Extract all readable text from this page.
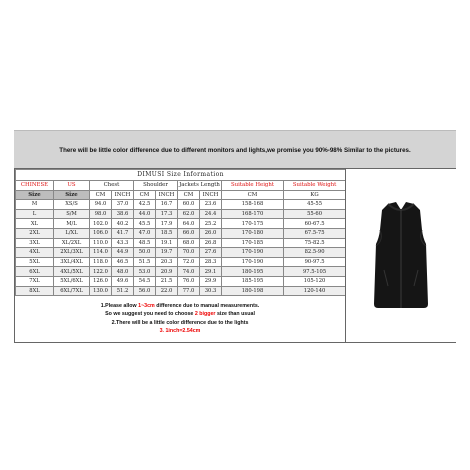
There will be little color difference due to different monitors and lights,we promise you 90%-98% Similar to the pictures.
DIMUSI Size Information									
CHINESE	US	Chest		Shoulder		Jackets Length		Suitable Height	Suitable Weight
Size	Size	CM	INCH	CM	INCH	CM	INCH	CM	KG
M	XS/S	94.0	37.0	42.5	16.7	60.0	23.6	158-168	45-55
L	S/M	98.0	38.6	44.0	17.3	62.0	24.4	168-170	55-60
XL	M/L	102.0	40.2	45.5	17.9	64.0	25.2	170-175	60-67.5
2XL	L/XL	106.0	41.7	47.0	18.5	66.0	26.0	170-180	67.5-75
3XL	XL/2XL	110.0	43.3	48.5	19.1	68.0	26.8	170-185	75-82.5
4XL	2XL/3XL	114.0	44.9	50.0	19.7	70.0	27.6	170-190	82.5-90
5XL	3XL/4XL	118.0	46.5	51.5	20.3	72.0	28.3	170-190	90-97.5
6XL	4XL/5XL	122.0	48.0	53.0	20.9	74.0	29.1	180-195	97.5-105
7XL	5XL/6XL	126.0	49.6	54.5	21.5	76.0	29.9	185-195	105-120
8XL	6XL/7XL	130.0	51.2	56.0	22.0	77.0	30.3	180-198	120-140
1.Please allow 1~3cm difference due to manual measurements.
So we suggest you need to choose 2 bigger size than usual
2.There will be a little color difference due to the lights
3. 1inch=2.54cm
